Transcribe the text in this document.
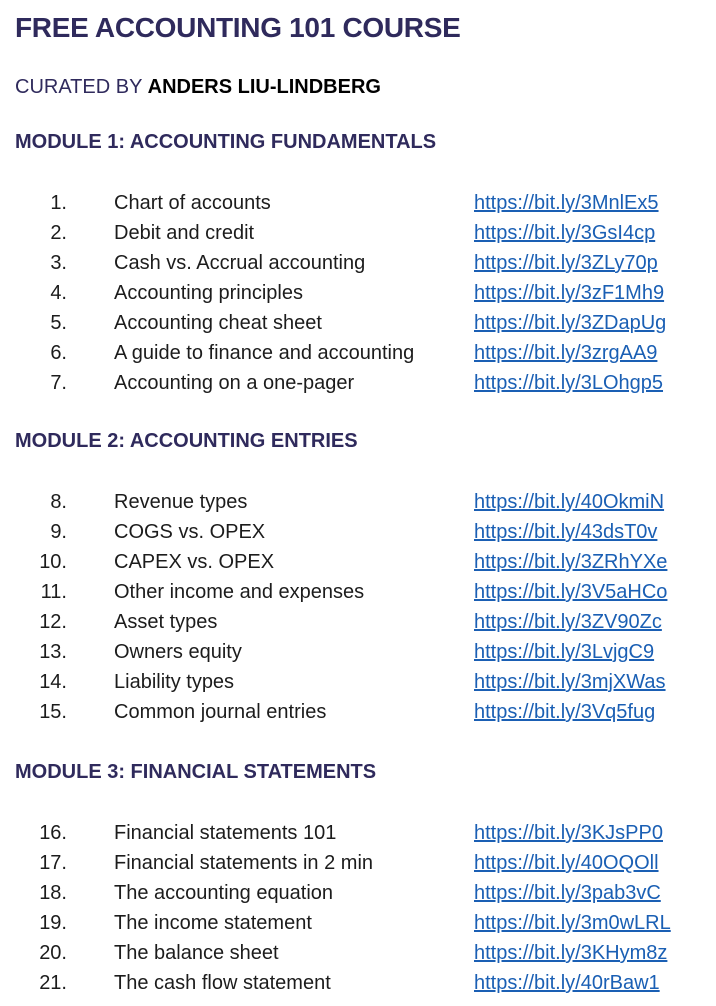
FREE ACCOUNTING 101 COURSE
CURATED BY ANDERS LIU-LINDBERG
MODULE 1: ACCOUNTING FUNDAMENTALS
1. Chart of accounts	https://bit.ly/3MnlEx5
2. Debit and credit	https://bit.ly/3GsI4cp
3. Cash vs. Accrual accounting	https://bit.ly/3ZLy70p
4. Accounting principles	https://bit.ly/3zF1Mh9
5. Accounting cheat sheet	https://bit.ly/3ZDapUg
6. A guide to finance and accounting	https://bit.ly/3zrgAA9
7. Accounting on a one-pager	https://bit.ly/3LOhgp5
MODULE 2: ACCOUNTING ENTRIES
8. Revenue types	https://bit.ly/40OkmiN
9. COGS vs. OPEX	https://bit.ly/43dsT0v
10. CAPEX vs. OPEX	https://bit.ly/3ZRhYXe
11. Other income and expenses	https://bit.ly/3V5aHCo
12. Asset types	https://bit.ly/3ZV90Zc
13. Owners equity	https://bit.ly/3LvjgC9
14. Liability types	https://bit.ly/3mjXWas
15. Common journal entries	https://bit.ly/3Vq5fug
MODULE 3: FINANCIAL STATEMENTS
16. Financial statements 101	https://bit.ly/3KJsPP0
17. Financial statements in 2 min	https://bit.ly/40OQOll
18. The accounting equation	https://bit.ly/3pab3vC
19. The income statement	https://bit.ly/3m0wLRL
20. The balance sheet	https://bit.ly/3KHym8z
21. The cash flow statement	https://bit.ly/40rBaw1
